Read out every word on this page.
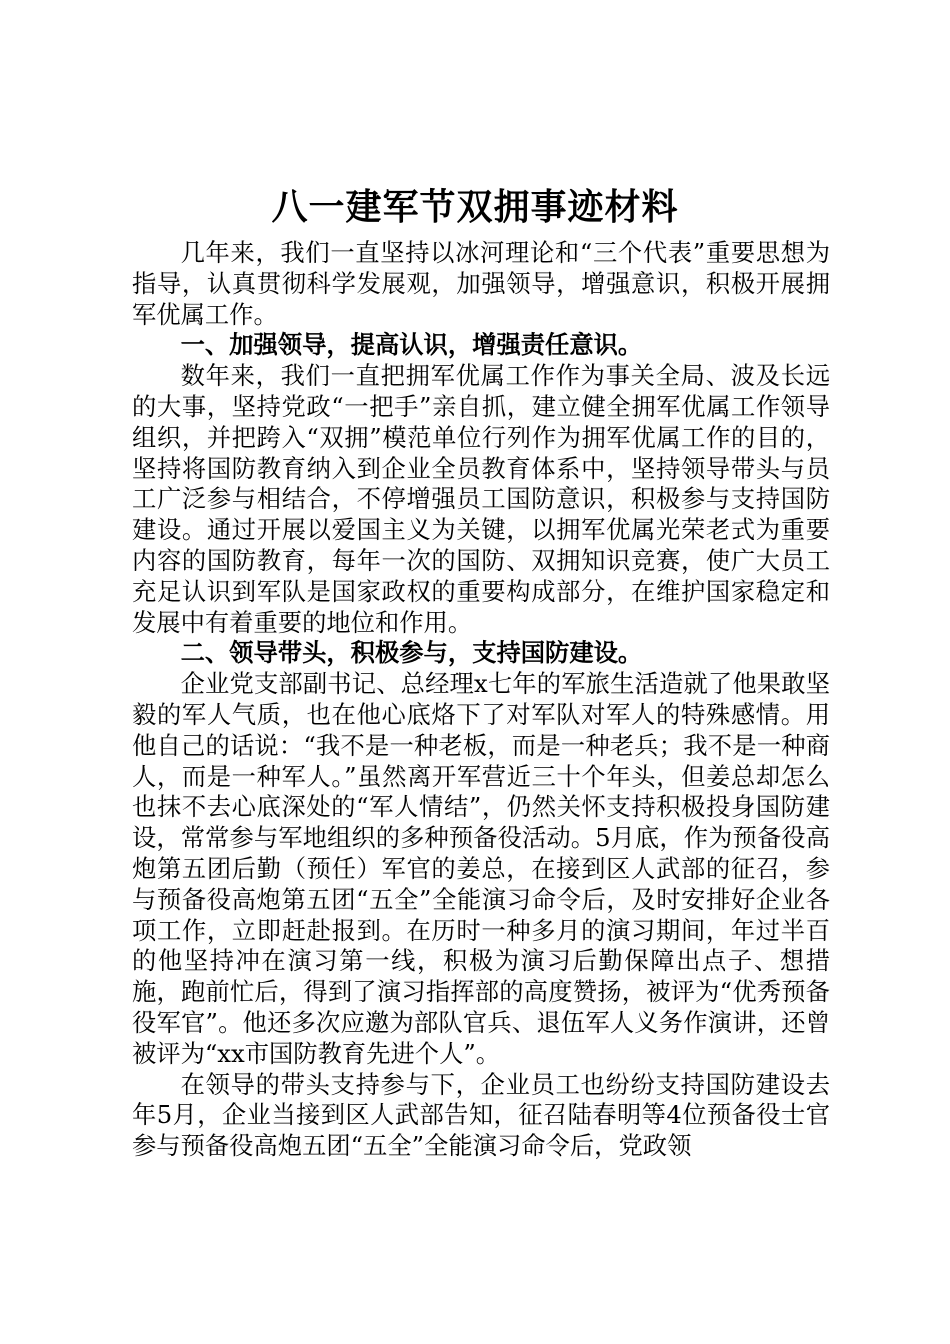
八一建军节双拥事迹材料

几年来，我们一直坚持以冰河理论和“三个代表”重要思想为指导，认真贯彻科学发展观，加强领导，增强意识，积极开展拥军优属工作。

一、加强领导，提高认识，增强责任意识。

数年来，我们一直把拥军优属工作作为事关全局、波及长远的大事，坚持党政“一把手”亲自抓，建立健全拥军优属工作领导组织，并把跨入“双拥”模范单位行列作为拥军优属工作的目的，坚持将国防教育纳入到企业全员教育体系中，坚持领导带头与员工广泛参与相结合，不停增强员工国防意识，积极参与支持国防建设。通过开展以爱国主义为关键，以拥军优属光荣老式为重要内容的国防教育，每年一次的国防、双拥知识竞赛，使广大员工充足认识到军队是国家政权的重要构成部分，在维护国家稳定和发展中有着重要的地位和作用。

二、领导带头，积极参与，支持国防建设。

企业党支部副书记、总经理x七年的军旅生活造就了他果敢坚毅的军人气质，也在他心底烙下了对军队对军人的特殊感情。用他自己的话说：“我不是一种老板，而是一种老兵；我不是一种商人，而是一种军人。”虽然离开军营近三十个年头，但姜总却怎么也抹不去心底深处的“军人情结”，仍然关怀支持积极投身国防建设，常常参与军地组织的多种预备役活动。5月底，作为预备役高炮第五团后勤（预任）军官的姜总，在接到区人武部的征召，参与预备役高炮第五团“五全”全能演习命令后，及时安排好企业各项工作，立即赶赴报到。在历时一种多月的演习期间，年过半百的他坚持冲在演习第一线，积极为演习后勤保障出点子、想措施，跑前忙后，得到了演习指挥部的高度赞扬，被评为“优秀预备役军官”。他还多次应邀为部队官兵、退伍军人义务作演讲，还曾被评为“xx市国防教育先进个人”。

在领导的带头支持参与下，企业员工也纷纷支持国防建设去年5月，企业当接到区人武部告知，征召陆春明等4位预备役士官参与预备役高炮五团“五全”全能演习命令后，党政领
